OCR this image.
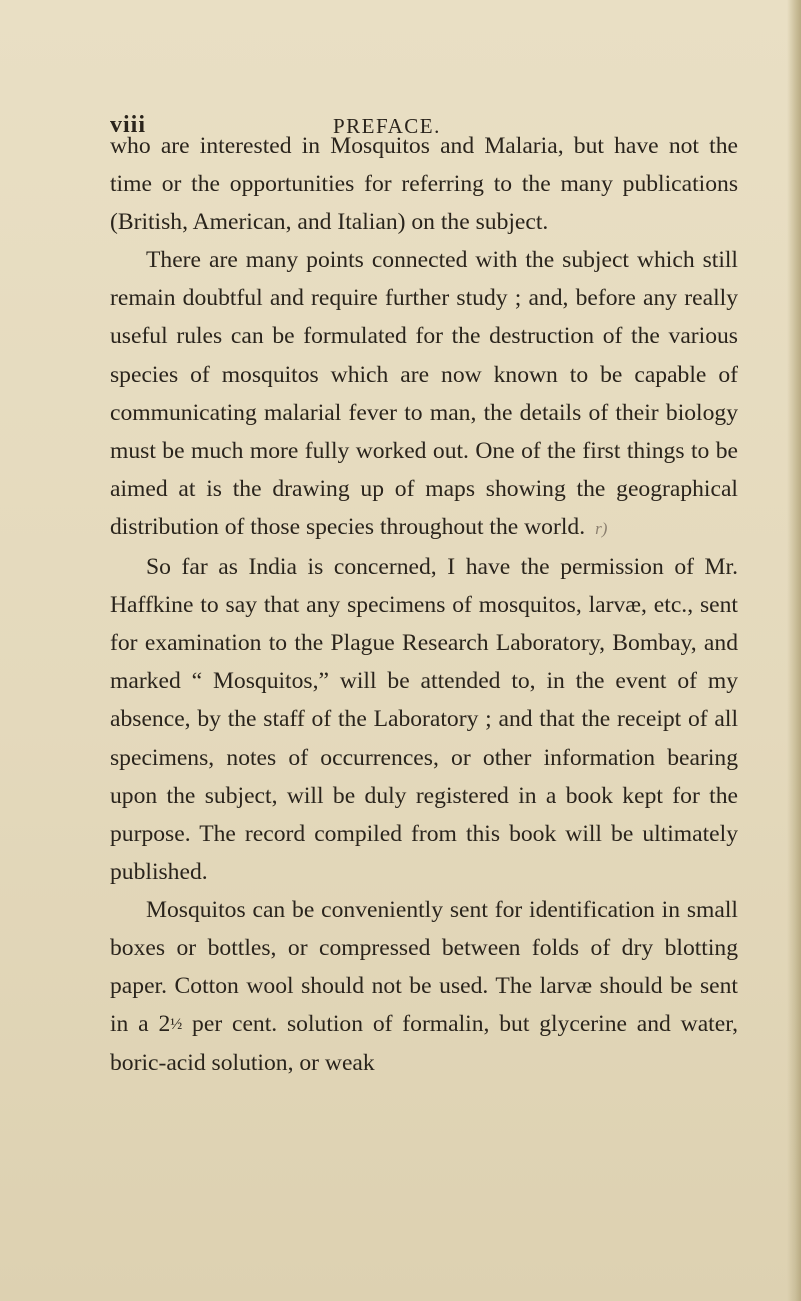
viii	PREFACE.

who are interested in Mosquitos and Malaria, but have not the time or the opportunities for referring to the many publications (British, American, and Italian) on the subject.

There are many points connected with the subject which still remain doubtful and require further study ; and, before any really useful rules can be formulated for the destruction of the various species of mosquitos which are now known to be capable of communicating malarial fever to man, the details of their biology must be much more fully worked out. One of the first things to be aimed at is the drawing up of maps showing the geographical distribution of those species throughout the world. r)

So far as India is concerned, I have the permission of Mr. Haffkine to say that any specimens of mosquitos, larvæ, etc., sent for examination to the Plague Research Laboratory, Bombay, and marked “ Mosquitos,” will be attended to, in the event of my absence, by the staff of the Laboratory ; and that the receipt of all specimens, notes of occurrences, or other information bearing upon the subject, will be duly registered in a book kept for the purpose. The record compiled from this book will be ultimately published.

Mosquitos can be conveniently sent for identification in small boxes or bottles, or compressed between folds of dry blotting paper. Cotton wool should not be used. The larvæ should be sent in a 2½ per cent. solution of formalin, but glycerine and water, boric-acid solution, or weak
